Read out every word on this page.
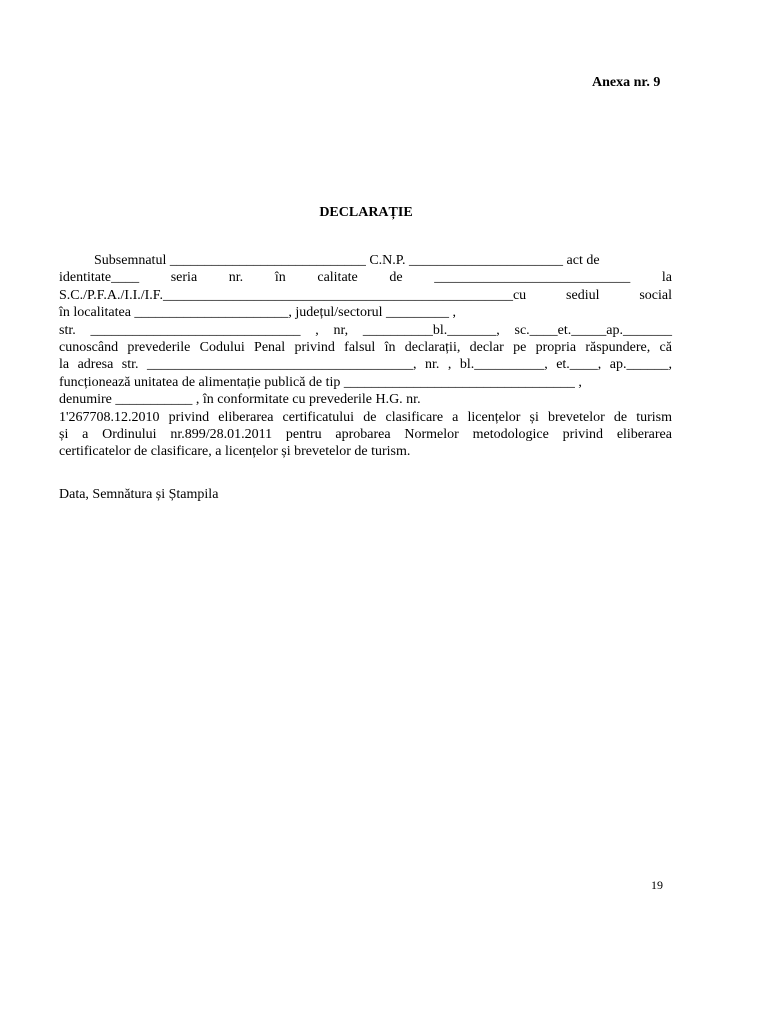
Anexa nr. 9
DECLARAȚIE
Subsemnatul ____________________________ C.N.P. ______________________ act de
identitate____ seria nr. în calitate de ____________________________ la
S.C./P.F.A./I.I./I.F.__________________________________________________cu sediul social
în localitatea ______________________, județul/sectorul _________ ,
str. ______________________________ , nr, __________bl._______, sc.____et._____ap._______
cunoscând prevederile Codului Penal privind falsul în declarații, declar pe propria răspundere, că
la adresa str. ______________________________________, nr. , bl.__________, et.____, ap.______,
funcționează unitatea de alimentație publică de tip _________________________________ ,
denumire ___________ , în conformitate cu prevederile H.G. nr.
1'267708.12.2010 privind eliberarea certificatului de clasificare a licențelor și brevetelor de turism
și a Ordinului nr.899/28.01.2011 pentru aprobarea Normelor metodologice privind eliberarea
certificatelor de clasificare, a licențelor și brevetelor de turism.
Data, Semnătura și Ștampila
19
